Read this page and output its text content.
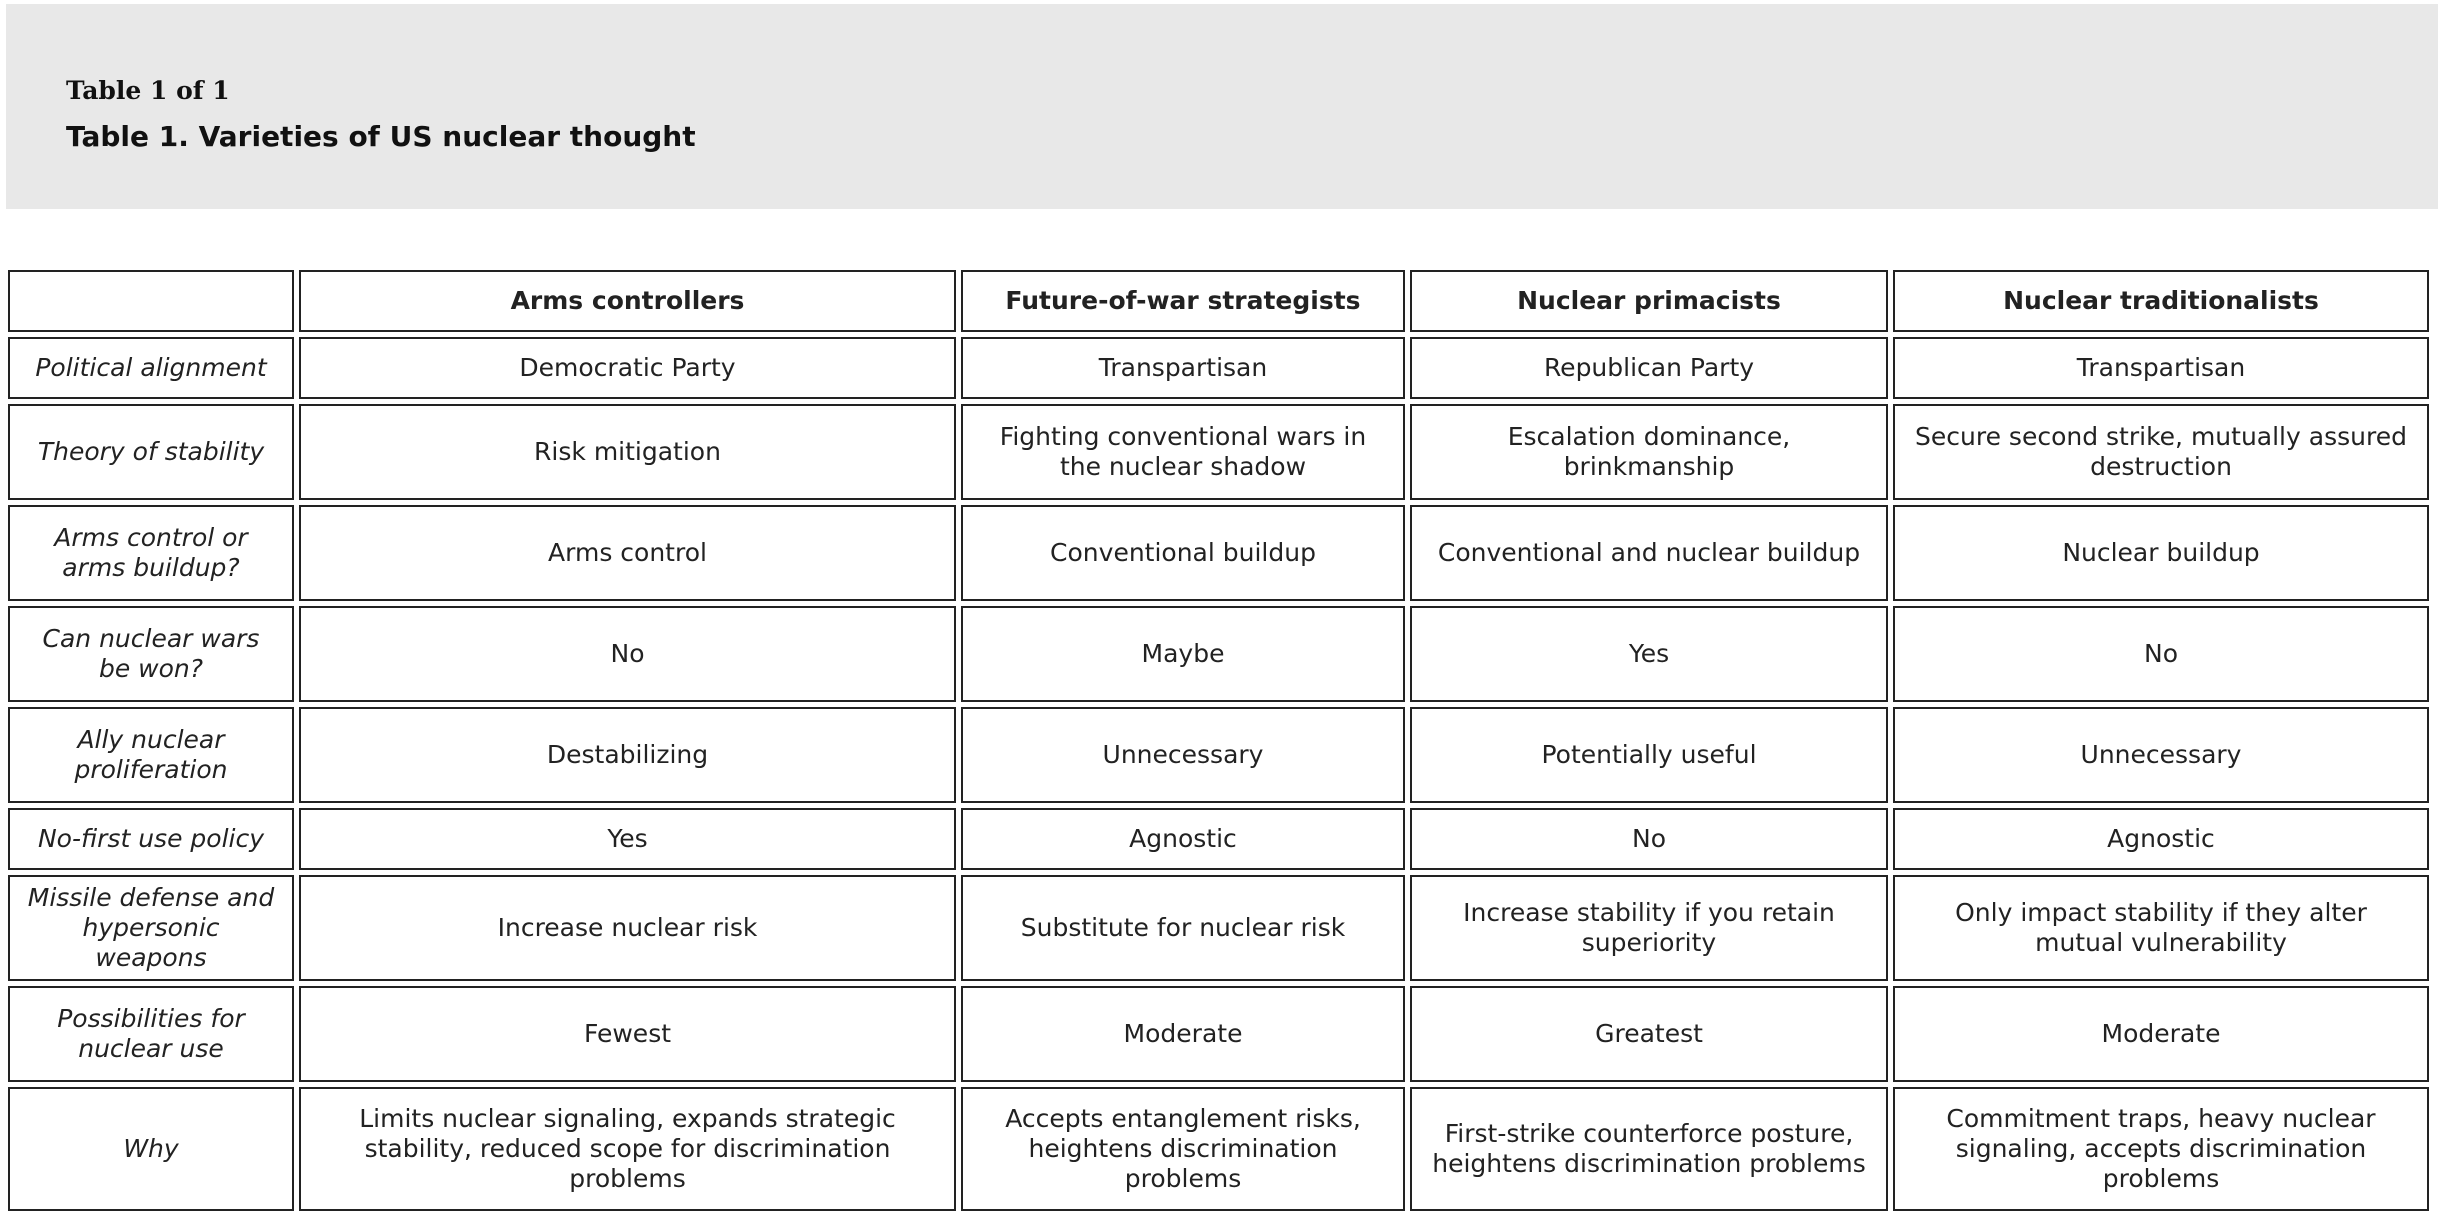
Table 1 of 1
Table 1. Varieties of US nuclear thought
	Arms controllers	Future-of-war strategists	Nuclear primacists	Nuclear traditionalists
Political alignment	Democratic Party	Transpartisan	Republican Party	Transpartisan
Theory of stability	Risk mitigation	Fighting conventional wars in the nuclear shadow	Escalation dominance, brinkmanship	Secure second strike, mutually assured destruction
Arms control or arms buildup?	Arms control	Conventional buildup	Conventional and nuclear buildup	Nuclear buildup
Can nuclear wars be won?	No	Maybe	Yes	No
Ally nuclear proliferation	Destabilizing	Unnecessary	Potentially useful	Unnecessary
No-first use policy	Yes	Agnostic	No	Agnostic
Missile defense and hypersonic weapons	Increase nuclear risk	Substitute for nuclear risk	Increase stability if you retain superiority	Only impact stability if they alter mutual vulnerability
Possibilities for nuclear use	Fewest	Moderate	Greatest	Moderate
Why	Limits nuclear signaling, expands strategic stability, reduced scope for discrimination problems	Accepts entanglement risks, heightens discrimination problems	First-strike counterforce posture, heightens discrimination problems	Commitment traps, heavy nuclear signaling, accepts discrimination problems
